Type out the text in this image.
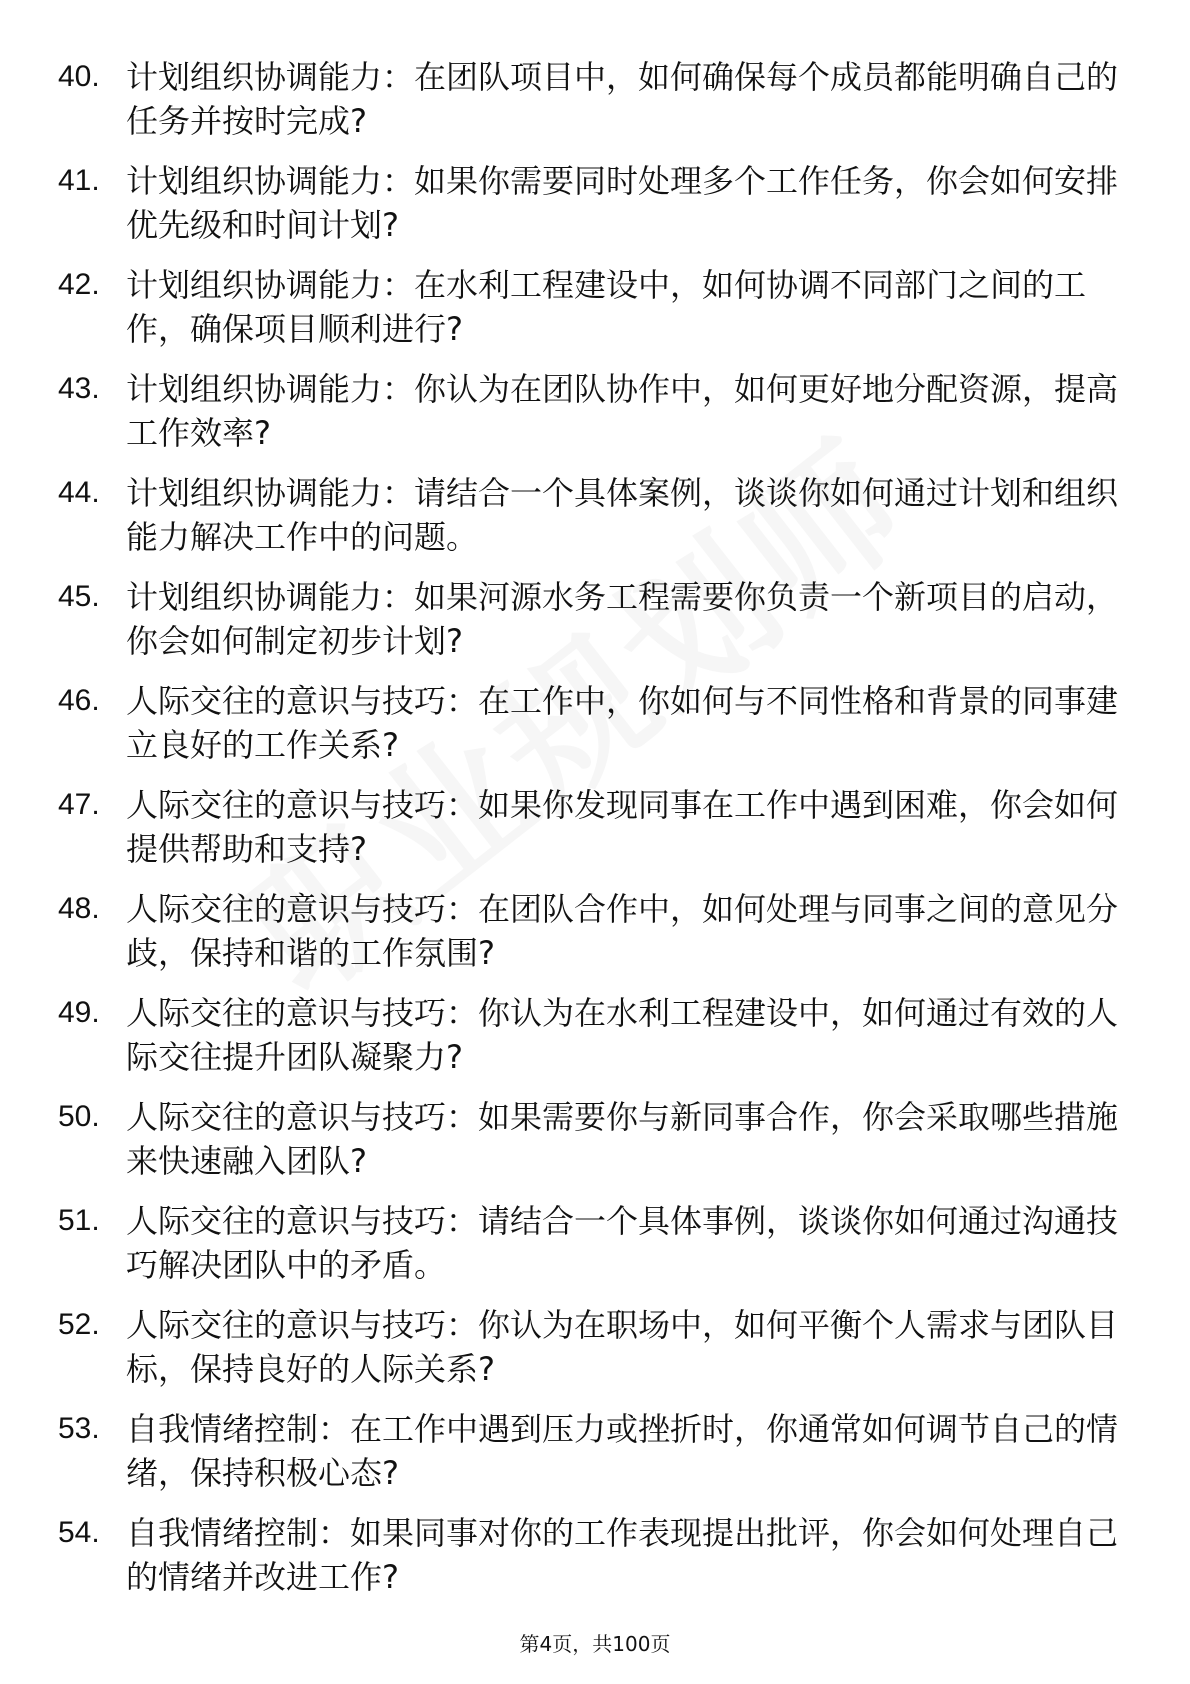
40. 计划组织协调能力：在团队项目中，如何确保每个成员都能明确自己的任务并按时完成?
41. 计划组织协调能力：如果你需要同时处理多个工作任务，你会如何安排优先级和时间计划?
42. 计划组织协调能力：在水利工程建设中，如何协调不同部门之间的工作，确保项目顺利进行?
43. 计划组织协调能力：你认为在团队协作中，如何更好地分配资源，提高工作效率?
44. 计划组织协调能力：请结合一个具体案例，谈谈你如何通过计划和组织能力解决工作中的问题。
45. 计划组织协调能力：如果河源水务工程需要你负责一个新项目的启动，你会如何制定初步计划?
46. 人际交往的意识与技巧：在工作中，你如何与不同性格和背景的同事建立良好的工作关系?
47. 人际交往的意识与技巧：如果你发现同事在工作中遇到困难，你会如何提供帮助和支持?
48. 人际交往的意识与技巧：在团队合作中，如何处理与同事之间的意见分歧，保持和谐的工作氛围?
49. 人际交往的意识与技巧：你认为在水利工程建设中，如何通过有效的人际交往提升团队凝聚力?
50. 人际交往的意识与技巧：如果需要你与新同事合作，你会采取哪些措施来快速融入团队?
51. 人际交往的意识与技巧：请结合一个具体事例，谈谈你如何通过沟通技巧解决团队中的矛盾。
52. 人际交往的意识与技巧：你认为在职场中，如何平衡个人需求与团队目标，保持良好的人际关系?
53. 自我情绪控制：在工作中遇到压力或挫折时，你通常如何调节自己的情绪，保持积极心态?
54. 自我情绪控制：如果同事对你的工作表现提出批评，你会如何处理自己的情绪并改进工作?
第4页，共100页
